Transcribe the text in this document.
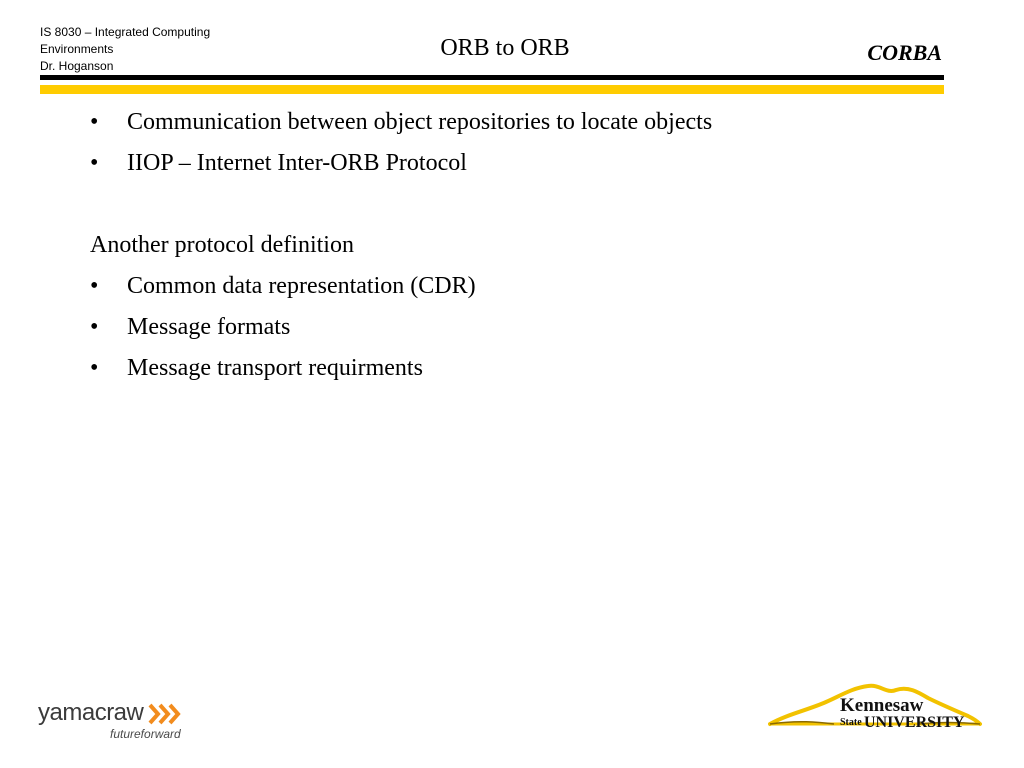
IS 8030 – Integrated Computing
Environments
Dr. Hoganson
ORB to ORB	CORBA
• Communication between object repositories to locate objects
• IIOP – Internet Inter-ORB Protocol
Another protocol definition
• Common data representation (CDR)
• Message formats
• Message transport requirments
yamacraw
futureforward
Kennesaw
State UNIVERSITY
